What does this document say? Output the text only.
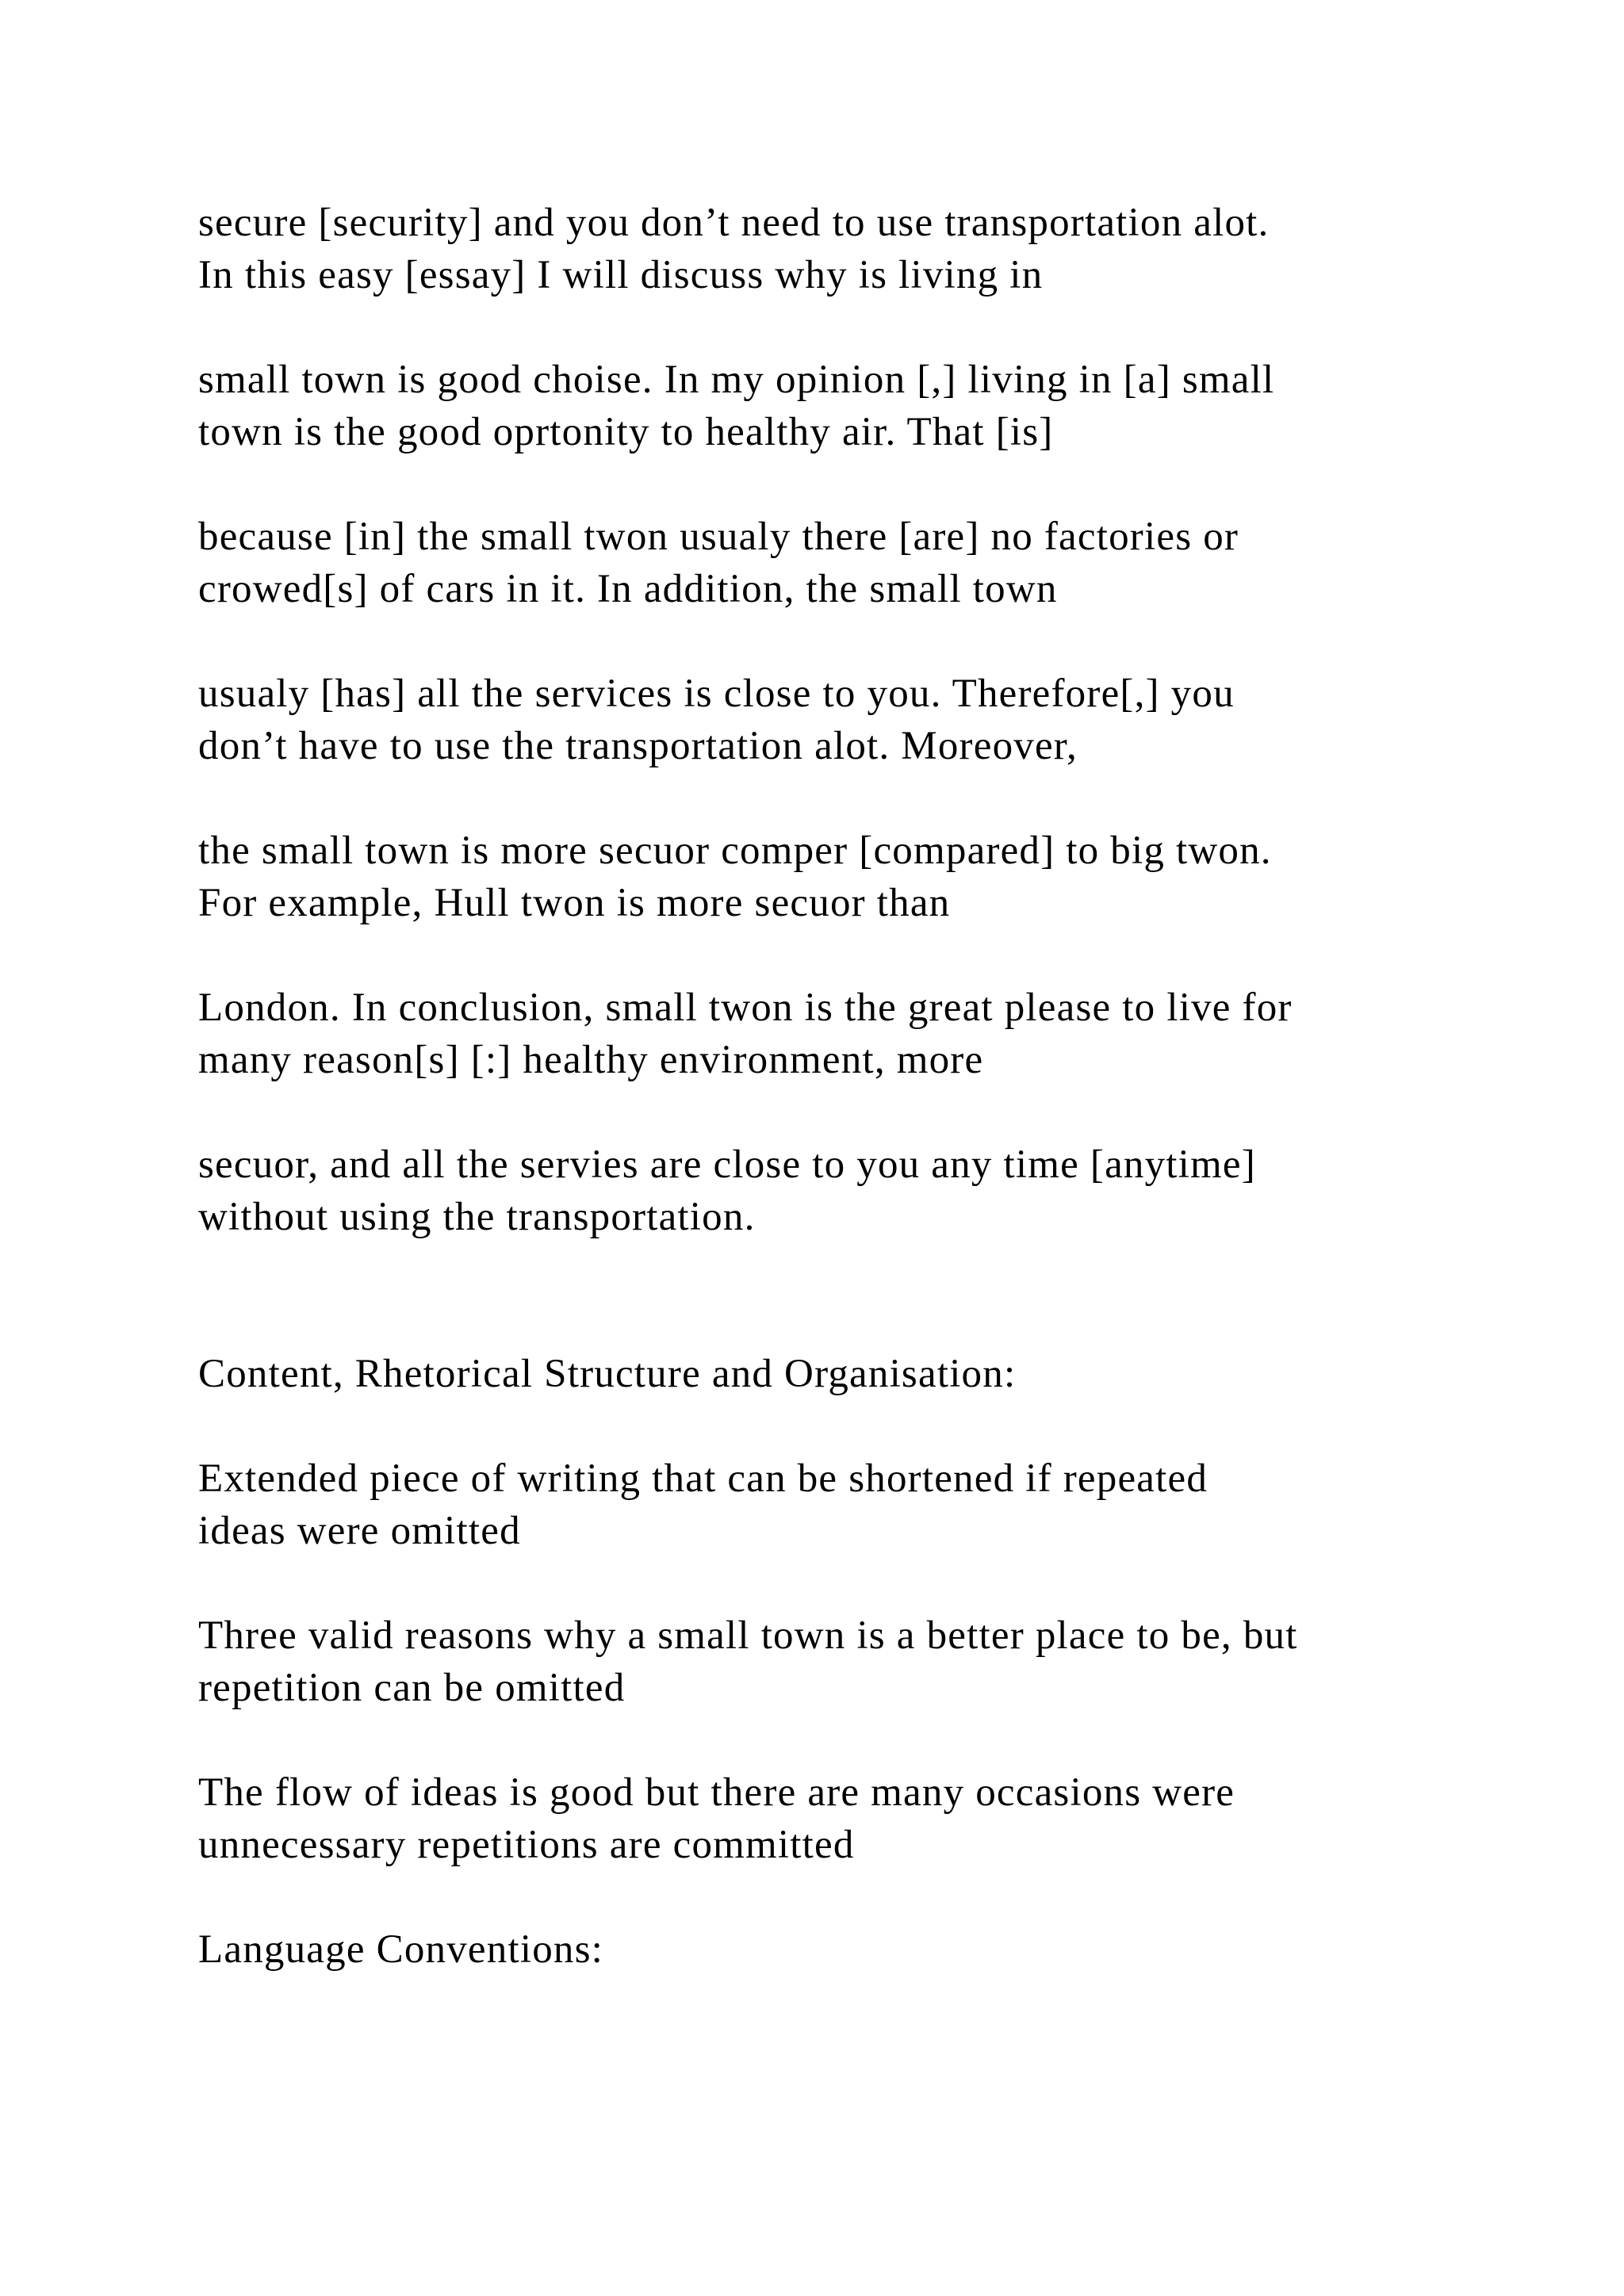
secure [security] and you don’t need to use transportation alot.
In this easy [essay] I will discuss why is living in

small town is good choise. In my opinion [,] living in [a] small
town is the good oprtonity to healthy air. That [is]

because [in] the small twon usualy there [are] no factories or
crowed[s] of cars in it. In addition, the small town

usualy [has] all the services is close to you. Therefore[,] you
don’t have to use the transportation alot. Moreover,

the small town is more secuor comper [compared] to big twon.
For example, Hull twon is more secuor than

London. In conclusion, small twon is the great please to live for
many reason[s] [:] healthy environment, more

secuor, and all the servies are close to you any time [anytime]
without using the transportation.

Content, Rhetorical Structure and Organisation:

Extended piece of writing that can be shortened if repeated
ideas were omitted

Three valid reasons why a small town is a better place to be, but
repetition can be omitted

The flow of ideas is good but there are many occasions were
unnecessary repetitions are committed

Language Conventions:
